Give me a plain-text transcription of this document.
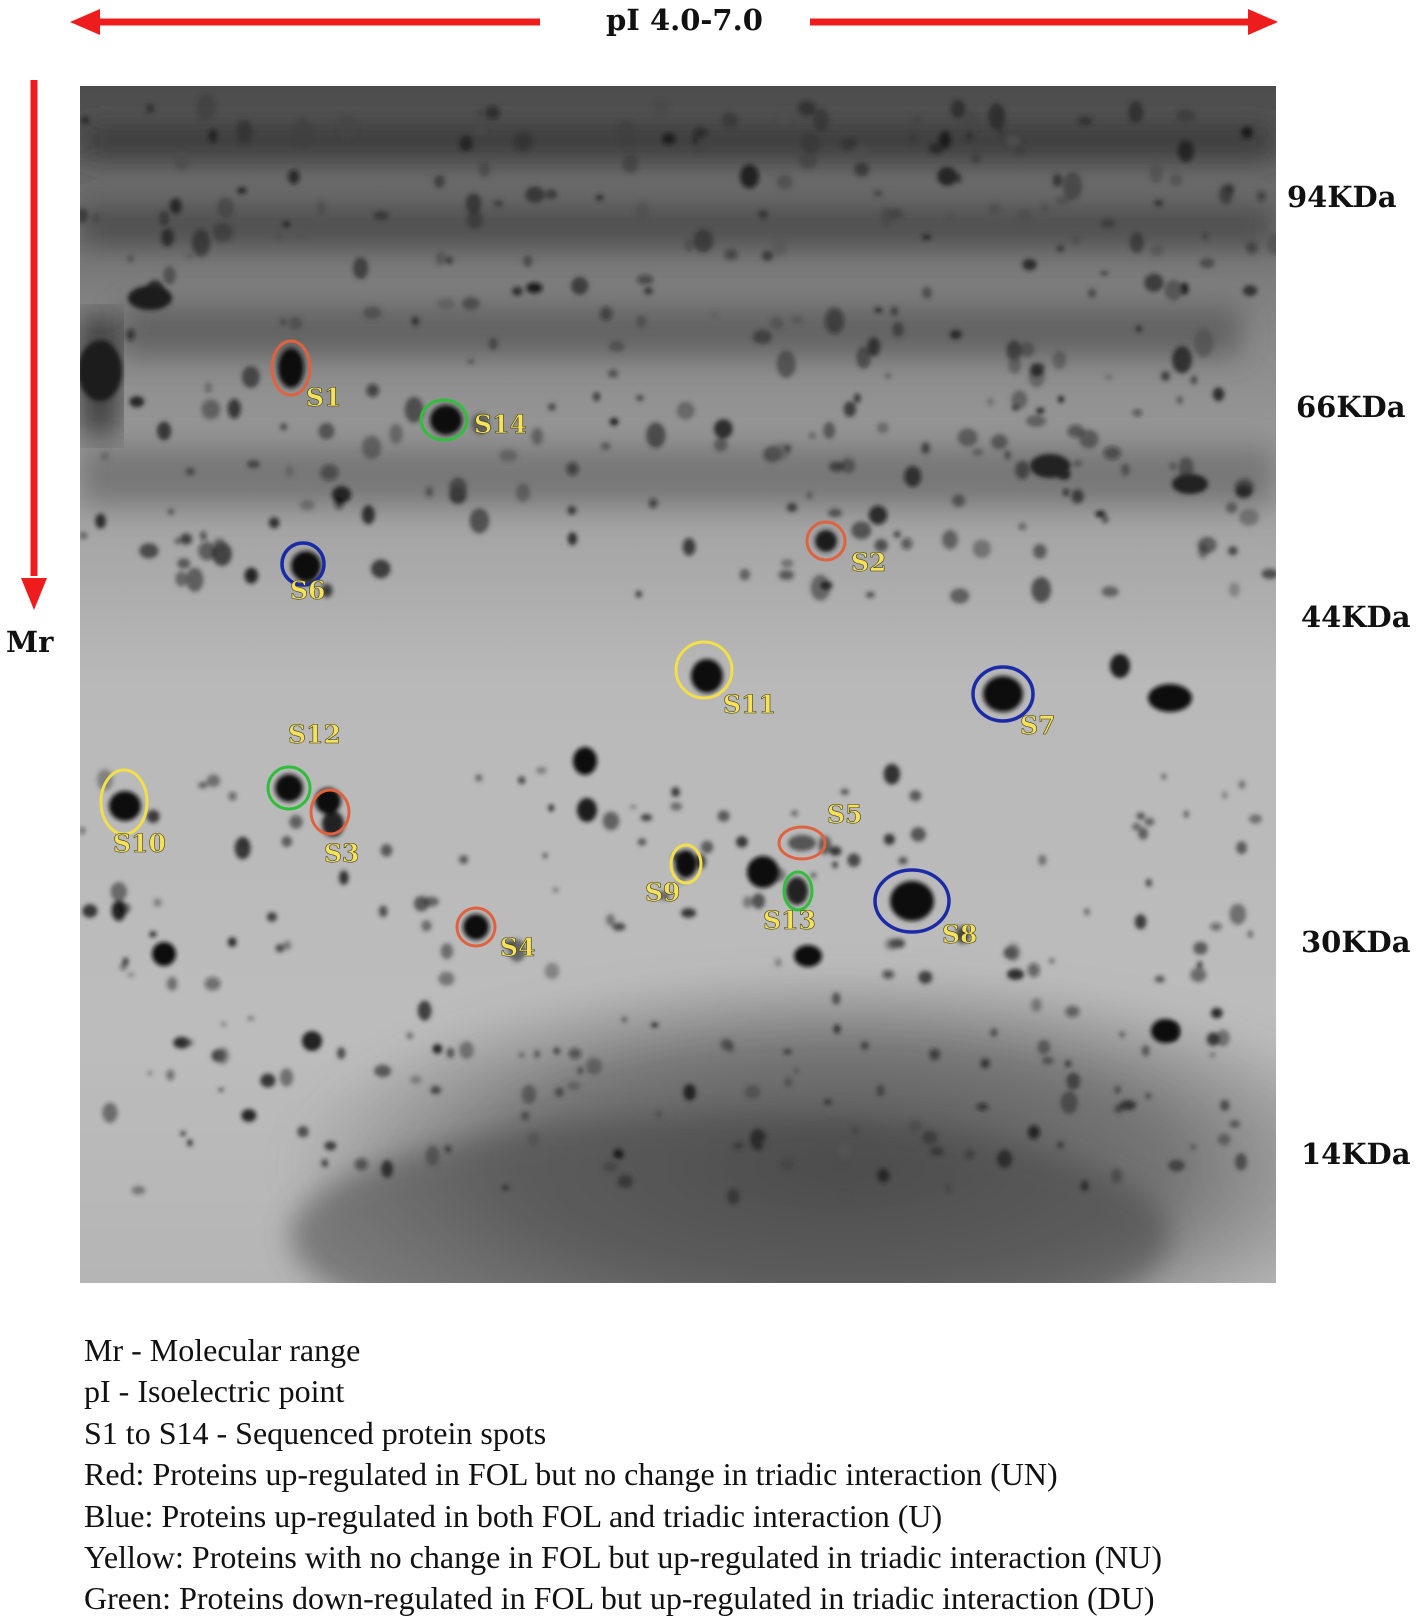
pI 4.0-7.0
Mr
94KDa
66KDa
44KDa
30KDa
14KDa
S1
S2
S3
S4
S5
S6
S7
S8
S9
S10
S11
S12
S13
S14
Mr - Molecular range
pI - Isoelectric point
S1 to S14 - Sequenced protein spots
Red: Proteins up-regulated in FOL but no change in triadic interaction (UN)
Blue: Proteins up-regulated in both FOL and triadic interaction (U)
Yellow: Proteins with no change in FOL but up-regulated in triadic interaction (NU)
Green: Proteins down-regulated in FOL but up-regulated in triadic interaction (DU)
